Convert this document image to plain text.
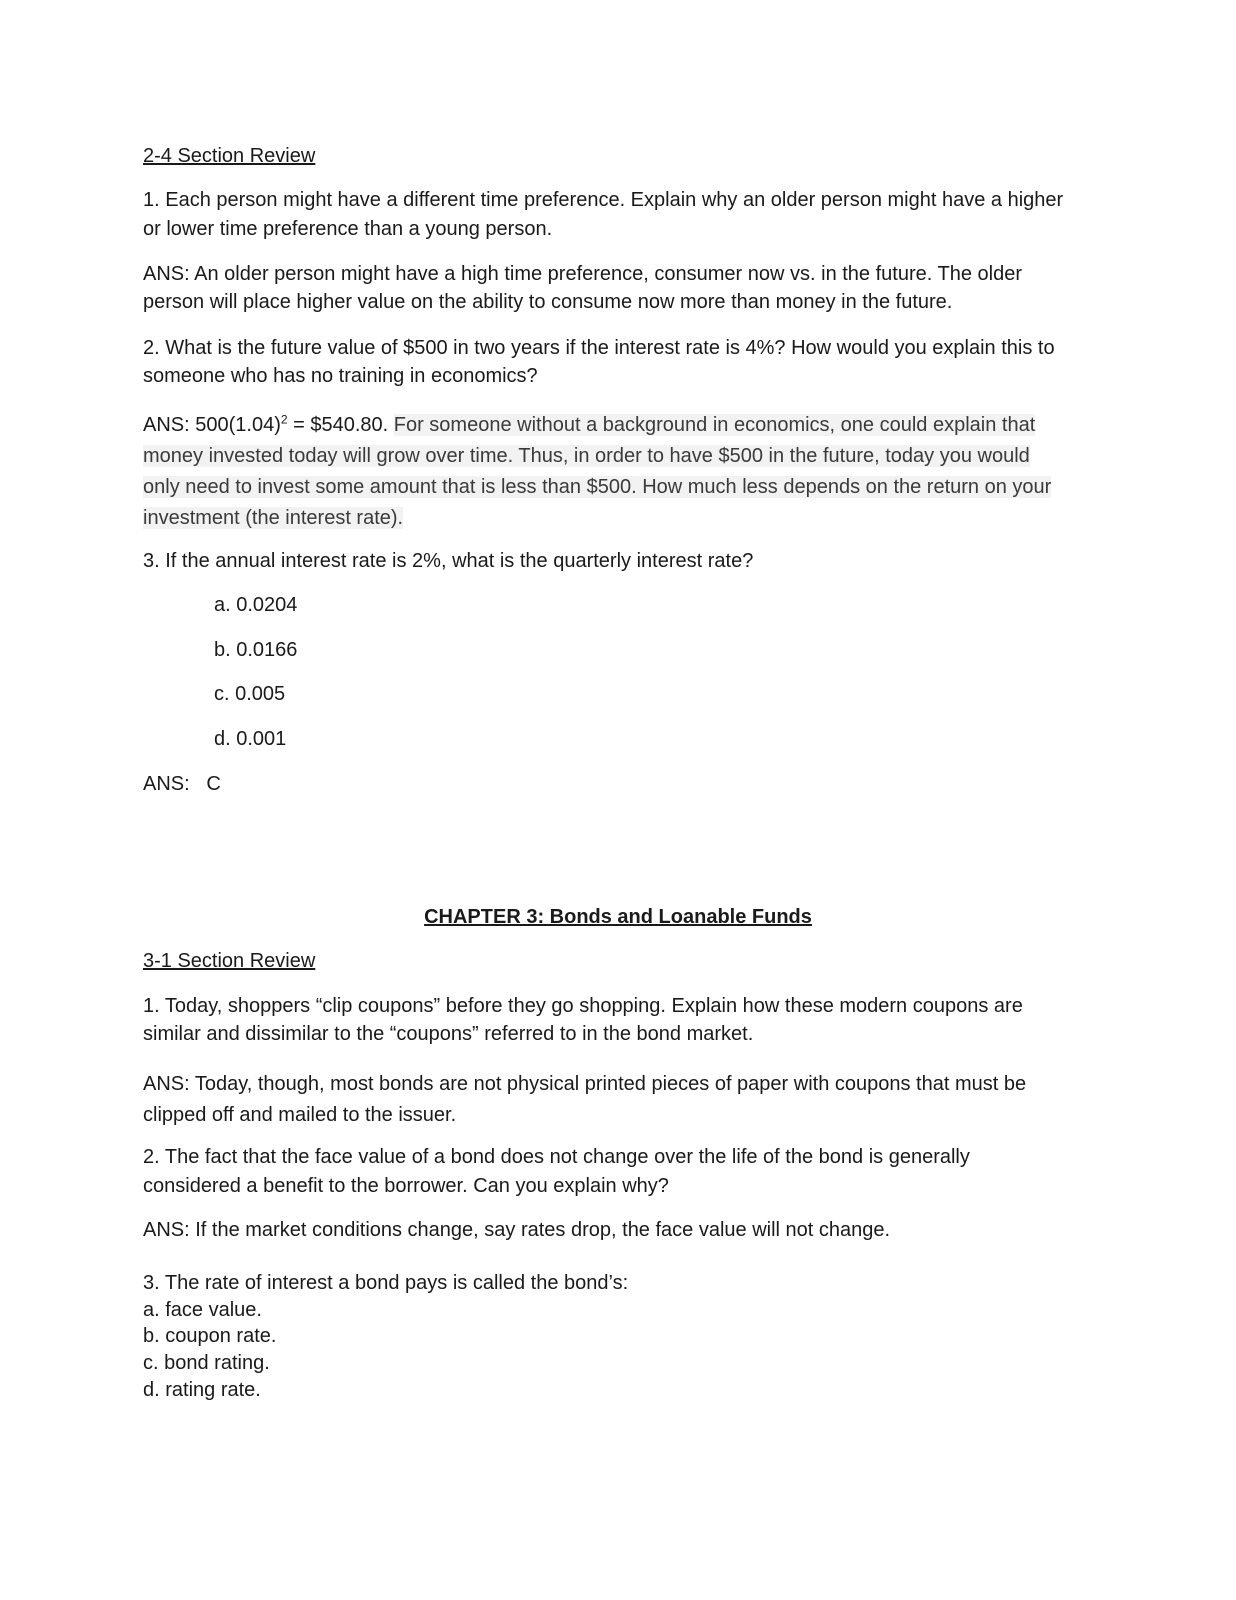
2-4 Section Review
1. Each person might have a different time preference. Explain why an older person might have a higher
or lower time preference than a young person.
ANS: An older person might have a high time preference, consumer now vs. in the future. The older
person will place higher value on the ability to consume now more than money in the future.
2. What is the future value of $500 in two years if the interest rate is 4%? How would you explain this to
someone who has no training in economics?
ANS: $500(1.04)^2$ = $540.80. For someone without a background in economics, one could explain that
money invested today will grow over time. Thus, in order to have $500 in the future, today you would
only need to invest some amount that is less than $500. How much less depends on the return on your
investment (the interest rate).
3. If the annual interest rate is 2%, what is the quarterly interest rate?
a. 0.0204
b. 0.0166
c. 0.005
d. 0.001
ANS:   C
CHAPTER 3: Bonds and Loanable Funds
3-1 Section Review
1. Today, shoppers “clip coupons” before they go shopping. Explain how these modern coupons are
similar and dissimilar to the “coupons” referred to in the bond market.
ANS: Today, though, most bonds are not physical printed pieces of paper with coupons that must be
clipped off and mailed to the issuer.
2. The fact that the face value of a bond does not change over the life of the bond is generally
considered a benefit to the borrower. Can you explain why?
ANS: If the market conditions change, say rates drop, the face value will not change.
3. The rate of interest a bond pays is called the bond’s:
a. face value.
b. coupon rate.
c. bond rating.
d. rating rate.
